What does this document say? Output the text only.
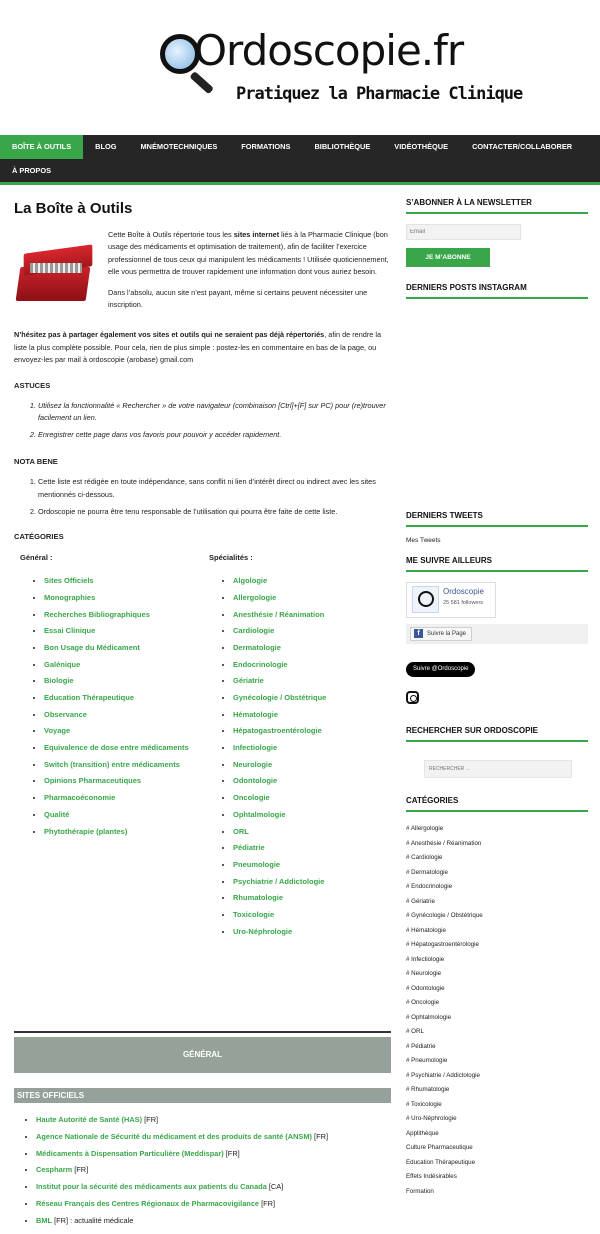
Ordoscopie.fr
Pratiquez la Pharmacie Clinique
BOÎTE À OUTILS	BLOG	MNÉMOTECHNIQUES	FORMATIONS	BIBLIOTHÈQUE	VIDÉOTHÈQUE	CONTACTER/COLLABORER
À PROPOS
La Boîte à Outils

Cette Boîte à Outils répertorie tous les sites internet liés à la Pharmacie Clinique (bon usage des médicaments et optimisation de traitement), afin de faciliter l’exercice professionnel de tous ceux qui manipulent les médicaments ! Utilisée quoticiennement, elle vous permettra de trouver rapidement une information dont vous auriez besoin.

Dans l’absolu, aucun site n’est payant, même si certains peuvent nécessiter une inscription.

N’hésitez pas à partager également vos sites et outils qui ne seraient pas déjà répertoriés, afin de rendre la liste la plus complète possible. Pour cela, rien de plus simple : postez-les en commentaire en bas de la page, ou envoyez-les par mail à ordoscopie (arobase) gmail.com

ASTUCES
1. Utilisez la fonctionnalité « Rechercher » de votre navigateur (combinaison [Ctrl]+[F] sur PC) pour (re)trouver facilement un lien.
2. Enregistrer cette page dans vos favoris pour pouvoir y accéder rapidement.
NOTA BENE
1. Cette liste est rédigée en toute indépendance, sans conflit ni lien d’intérêt direct ou indirect avec les sites mentionnés ci-dessous.
2. Ordoscopie ne pourra être tenu responsable de l’utilisation qui pourra être faite de cette liste.
CATÉGORIES
Général :
• Sites Officiels
• Monographies
• Recherches Bibliographiques
• Essai Clinique
• Bon Usage du Médicament
• Galénique
• Biologie
• Education Thérapeutique
• Observance
• Voyage
• Equivalence de dose entre médicaments
• Switch (transition) entre médicaments
• Opinions Pharmaceutiques
• Pharmacoéconomie
• Qualité
• Phytothérapie (plantes)
Spécialités :
• Algologie
• Allergologie
• Anesthésie / Réanimation
• Cardiologie
• Dermatologie
• Endocrinologie
• Gériatrie
• Gynécologie / Obstétrique
• Hématologie
• Hépatogastroentérologie
• Infectiologie
• Neurologie
• Odontologie
• Oncologie
• Ophtalmologie
• ORL
• Pédiatrie
• Pneumologie
• Psychiatrie / Addictologie
• Rhumatologie
• Toxicologie
• Uro-Néphrologie
GÉNÉRAL
SITES OFFICIELS
• Haute Autorité de Santé (HAS) [FR]
• Agence Nationale de Sécurité du médicament et des produits de santé (ANSM) [FR]
• Médicaments à Dispensation Particulière (Meddispar) [FR]
• Cespharm [FR]
• Institut pour la sécurité des médicaments aux patients du Canada [CA]
• Réseau Français des Centres Régionaux de Pharmacovigilance [FR]
• BML [FR] : actualité médicale
S’ABONNER À LA NEWSLETTER
Email
JE M’ABONNE
DERNIERS POSTS INSTAGRAM
DERNIERS TWEETS
Mes Tweets
ME SUIVRE AILLEURS
Ordoscopie
25 581 followers
f Suivre la Page
Suivre @Ordoscopie
RECHERCHER SUR ORDOSCOPIE
RECHERCHER ...
CATÉGORIES
# Allergologie
# Anesthésie / Réanimation
# Cardiologie
# Dermatologie
# Endocrinologie
# Gériatrie
# Gynécologie / Obstétrique
# Hématologie
# Hépatogastroentérologie
# Infectiologie
# Neurologie
# Odontologie
# Oncologie
# Ophtalmologie
# ORL
# Pédiatrie
# Pneumologie
# Psychiatrie / Addictologie
# Rhumatologie
# Toxicologie
# Uro-Néphrologie
Applithèque
Culture Pharmaceutique
Education Thérapeutique
Effets Indésirables
Formation
